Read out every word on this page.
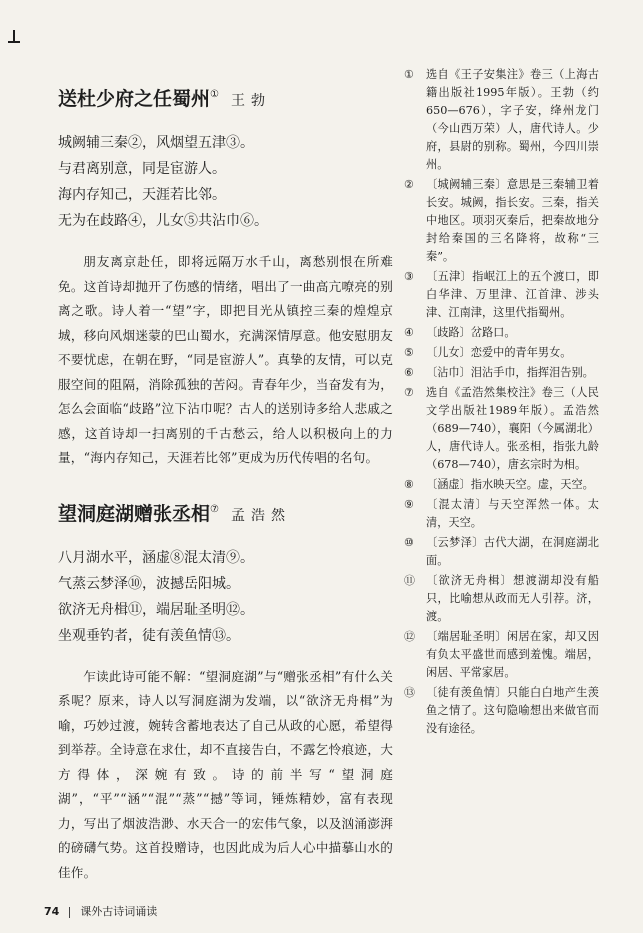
送杜少府之任蜀州① 王勃
城阙辅三秦②，风烟望五津③。
与君离别意，同是宦游人。
海内存知己，天涯若比邻。
无为在歧路④，儿女⑤共沾巾⑥。

朋友离京赴任，即将远隔万水千山，离愁别恨在所难免。这首诗却抛开了伤感的情绪，唱出了一曲高亢嘹亮的别离之歌。诗人着一“望”字，即把目光从镇控三秦的煌煌京城，移向风烟迷蒙的巴山蜀水，充满深情厚意。他安慰朋友不要忧虑，在朝在野，“同是宦游人”。真挚的友情，可以克服空间的阻隔，消除孤独的苦闷。青春年少，当奋发有为，怎么会面临“歧路”泣下沾巾呢？古人的送别诗多给人悲戚之感，这首诗却一扫离别的千古愁云，给人以积极向上的力量，“海内存知己，天涯若比邻”更成为历代传唱的名句。

望洞庭湖赠张丞相⑦ 孟浩然
八月湖水平，涵虚⑧混太清⑨。
气蒸云梦泽⑩，波撼岳阳城。
欲济无舟楫⑪，端居耻圣明⑫。
坐观垂钓者，徒有羡鱼情⑬。

乍读此诗可能不解：“望洞庭湖”与“赠张丞相”有什么关系呢？原来，诗人以写洞庭湖为发端，以“欲济无舟楫”为喻，巧妙过渡，婉转含蓄地表达了自己从政的心愿，希望得到举荐。全诗意在求仕，却不直接告白，不露乞怜痕迹，大方得体，深婉有致。诗的前半写“望洞庭湖”，“平”“涵”“混”“蒸”“撼”等词，锤炼精妙，富有表现力，写出了烟波浩渺、水天合一的宏伟气象，以及汹涌澎湃的磅礴气势。这首投赠诗，也因此成为后人心中描摹山水的佳作。

①	选自《王子安集注》卷三（上海古籍出版社1995年版）。王勃（约650—676），字子安，绛州龙门（今山西万荣）人，唐代诗人。少府，县尉的别称。蜀州，今四川崇州。
②	〔城阙辅三秦〕意思是三秦辅卫着长安。城阙，指长安。三秦，指关中地区。项羽灭秦后，把秦故地分封给秦国的三名降将，故称“三秦”。
③	〔五津〕指岷江上的五个渡口，即白华津、万里津、江首津、涉头津、江南津，这里代指蜀州。
④	〔歧路〕岔路口。
⑤	〔儿女〕恋爱中的青年男女。
⑥	〔沾巾〕泪沾手巾，指挥泪告别。
⑦	选自《孟浩然集校注》卷三（人民文学出版社1989年版）。孟浩然（689—740），襄阳（今属湖北）人，唐代诗人。张丞相，指张九龄（678—740），唐玄宗时为相。
⑧	〔涵虚〕指水映天空。虚，天空。
⑨	〔混太清〕与天空浑然一体。太清，天空。
⑩	〔云梦泽〕古代大湖，在洞庭湖北面。
⑪ 〔欲济无舟楫〕想渡湖却没有船只，比喻想从政而无人引荐。济，渡。
⑫ 〔端居耻圣明〕闲居在家，却又因有负太平盛世而感到羞愧。端居，闲居、平常家居。
⑬ 〔徒有羡鱼情〕只能白白地产生羡鱼之情了。这句隐喻想出来做官而没有途径。
74 课外古诗词诵读
